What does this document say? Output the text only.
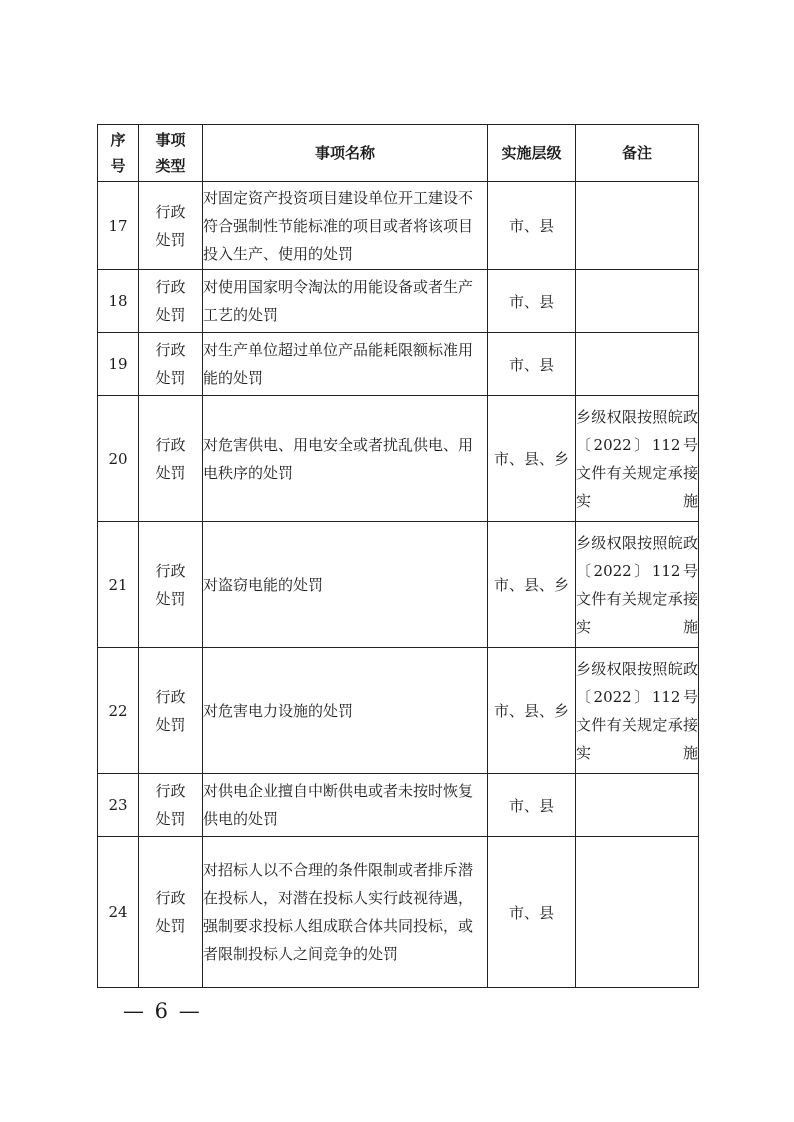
序号	事项类型	事项名称	实施层级	备注
17	行政处罚	对固定资产投资项目建设单位开工建设不符合强制性节能标准的项目或者将该项目投入生产、使用的处罚	市、县	
18	行政处罚	对使用国家明令淘汰的用能设备或者生产工艺的处罚	市、县	
19	行政处罚	对生产单位超过单位产品能耗限额标准用能的处罚	市、县	
20	行政处罚	对危害供电、用电安全或者扰乱供电、用电秩序的处罚	市、县、乡	乡级权限按照皖政〔2022〕112号文件有关规定承接实施
21	行政处罚	对盗窃电能的处罚	市、县、乡	乡级权限按照皖政〔2022〕112号文件有关规定承接实施
22	行政处罚	对危害电力设施的处罚	市、县、乡	乡级权限按照皖政〔2022〕112号文件有关规定承接实施
23	行政处罚	对供电企业擅自中断供电或者未按时恢复供电的处罚	市、县	
24	行政处罚	对招标人以不合理的条件限制或者排斥潜在投标人，对潜在投标人实行歧视待遇，强制要求投标人组成联合体共同投标，或者限制投标人之间竞争的处罚	市、县	
— 6 —
